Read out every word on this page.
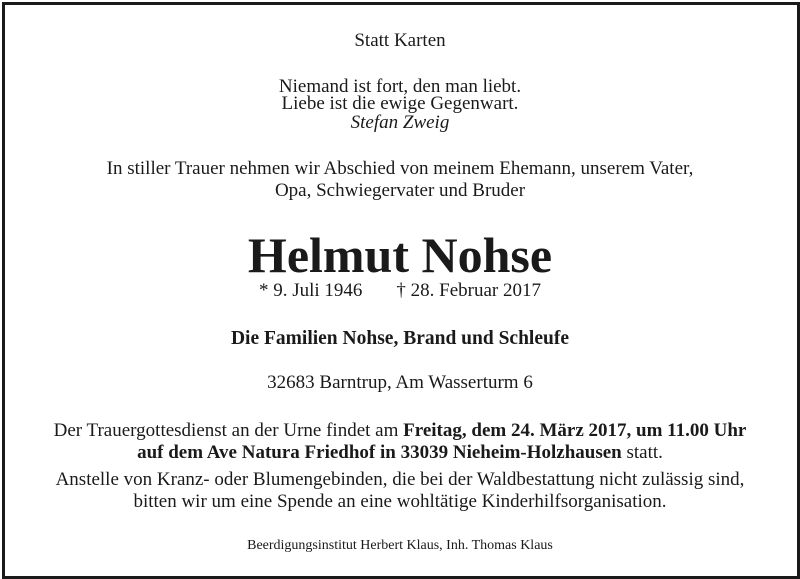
Statt Karten
Niemand ist fort, den man liebt.
Liebe ist die ewige Gegenwart.
Stefan Zweig
In stiller Trauer nehmen wir Abschied von meinem Ehemann, unserem Vater,
Opa, Schwiegervater und Bruder
Helmut Nohse
* 9. Juli 1946 † 28. Februar 2017
Die Familien Nohse, Brand und Schleufe
32683 Barntrup, Am Wasserturm 6
Der Trauergottesdienst an der Urne findet am Freitag, dem 24. März 2017, um 11.00 Uhr
auf dem Ave Natura Friedhof in 33039 Nieheim-Holzhausen statt.
Anstelle von Kranz- oder Blumengebinden, die bei der Waldbestattung nicht zulässig sind,
bitten wir um eine Spende an eine wohltätige Kinderhilfsorganisation.
Beerdigungsinstitut Herbert Klaus, Inh. Thomas Klaus
